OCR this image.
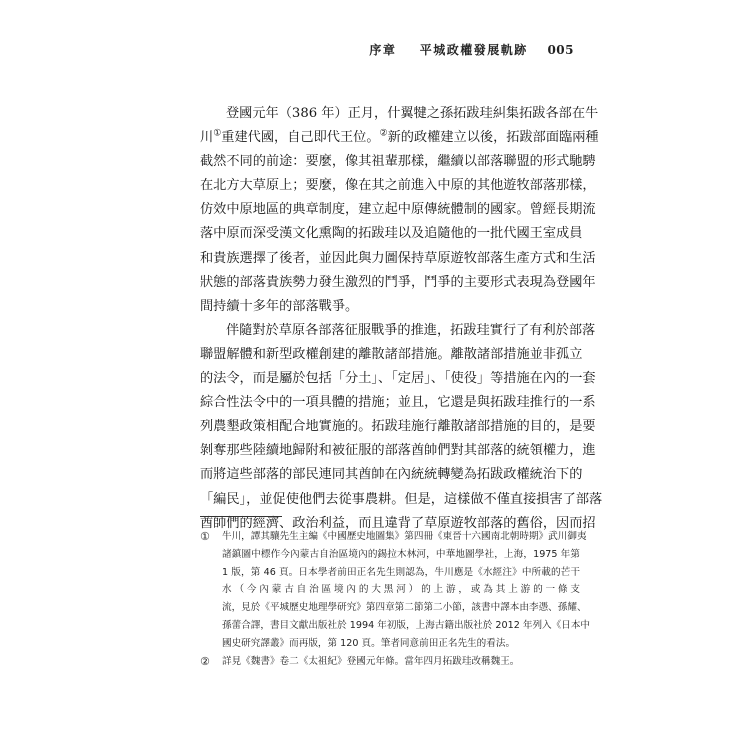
序章 平城政權發展軌跡 005

登國元年（386 年）正月，什翼犍之孫拓跋珪糾集拓跋各部在牛
川①重建代國，自己即代王位。②新的政權建立以後，拓跋部面臨兩種
截然不同的前途：要麼，像其祖輩那樣，繼續以部落聯盟的形式馳騁
在北方大草原上；要麼，像在其之前進入中原的其他遊牧部落那樣，
仿效中原地區的典章制度，建立起中原傳統體制的國家。曾經長期流
落中原而深受漢文化熏陶的拓跋珪以及追隨他的一批代國王室成員
和貴族選擇了後者，並因此與力圖保持草原遊牧部落生產方式和生活
狀態的部落貴族勢力發生激烈的鬥爭，鬥爭的主要形式表現為登國年
間持續十多年的部落戰爭。

伴隨對於草原各部落征服戰爭的推進，拓跋珪實行了有利於部落
聯盟解體和新型政權創建的離散諸部措施。離散諸部措施並非孤立
的法令，而是屬於包括「分土」、「定居」、「使役」等措施在內的一套
綜合性法令中的一項具體的措施；並且，它還是與拓跋珪推行的一系
列農墾政策相配合地實施的。拓跋珪施行離散諸部措施的目的，是要
剝奪那些陸續地歸附和被征服的部落酋帥們對其部落的統領權力，進
而將這些部落的部民連同其酋帥在內統統轉變為拓跋政權統治下的
「編民」，並促使他們去從事農耕。但是，這樣做不僅直接損害了部落
酋帥們的經濟、政治利益，而且違背了草原遊牧部落的舊俗，因而招

① 牛川，譚其驤先生主編《中國歷史地圖集》第四冊《東晉十六國南北朝時期》武川御夷
諸鎮圖中標作今內蒙古自治區境內的錫拉木林河，中華地圖學社，上海，1975 年第
1 版，第 46 頁。日本學者前田正名先生則認為，牛川應是《水經注》中所載的芒干水（今內蒙古自治區境內的大黑河）的上游，或為其上游的一條支
流，見於《平城歷史地理學研究》第四章第二節第二小節，該書中譯本由李憑、孫耀、
孫蕾合譯，書目文獻出版社於 1994 年初版，上海古籍出版社於 2012 年列入《日本中
國史研究譯叢》而再版，第 120 頁。筆者同意前田正名先生的看法。
② 詳見《魏書》卷二《太祖紀》登國元年條。當年四月拓跋珪改稱魏王。
